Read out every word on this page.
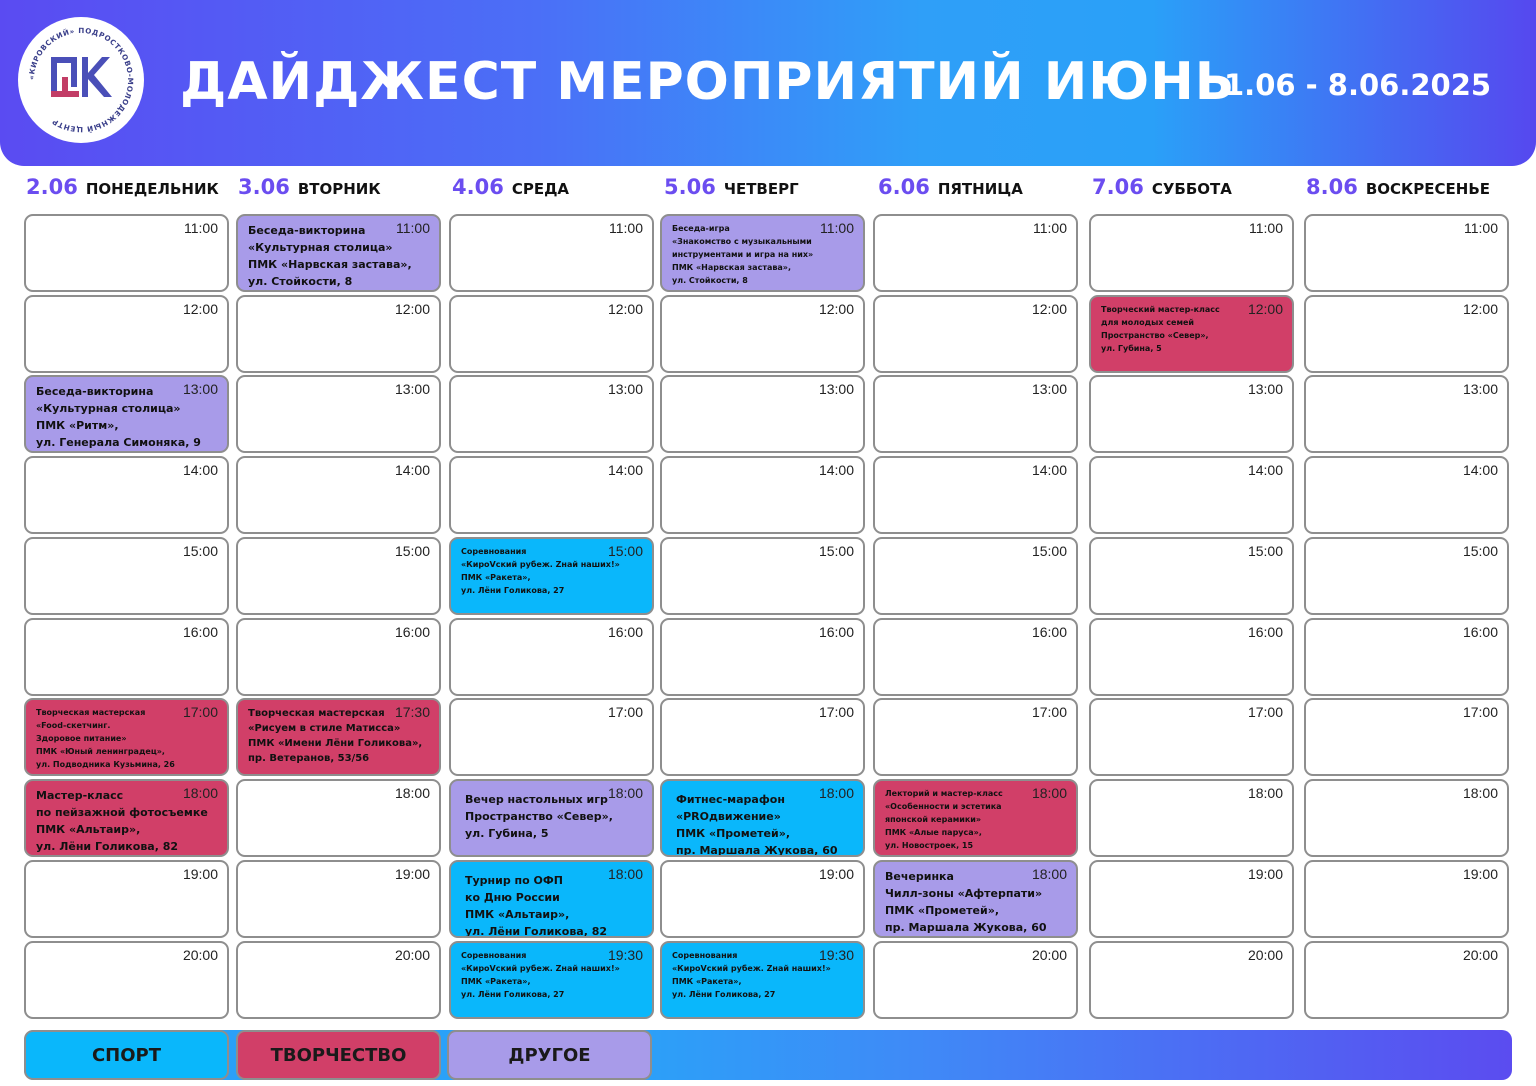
«КИРОВСКИЙ» ПОДРОСТКОВО-МОЛОДЕЖНЫЙ ЦЕНТР
ДАЙДЖЕСТ МЕРОПРИЯТИЙ ИЮНЬ
1.06 - 8.06.2025
2.06 ПОНЕДЕЛЬНИК
11:00
12:00
13:00
Беседа-викторина
«Культурная столица»
ПМК «Ритм»,
ул. Генерала Симоняка, 9
14:00
15:00
16:00
17:00
Творческая мастерская
«Food-скетчинг.
Здоровое питание»
ПМК «Юный ленинградец»,
ул. Подводника Кузьмина, 26
18:00
Мастер-класс
по пейзажной фотосъемке
ПМК «Альтаир»,
ул. Лёни Голикова, 82
19:00
20:00
3.06 ВТОРНИК
11:00
Беседа-викторина
«Культурная столица»
ПМК «Нарвская застава»,
ул. Стойкости, 8
12:00
13:00
14:00
15:00
16:00
17:30
Творческая мастерская
«Рисуем в стиле Матисса»
ПМК «Имени Лёни Голикова»,
пр. Ветеранов, 53/56
18:00
19:00
20:00
4.06 СРЕДА
11:00
12:00
13:00
14:00
15:00
Соревнования
«КироVский рубеж. Zнай наших!»
ПМК «Ракета»,
ул. Лёни Голикова, 27
16:00
17:00
18:00
Вечер настольных игр
Пространство «Север»,
ул. Губина, 5
18:00
Турнир по ОФП
ко Дню России
ПМК «Альтаир»,
ул. Лёни Голикова, 82
19:30
Соревнования
«КироVский рубеж. Zнай наших!»
ПМК «Ракета»,
ул. Лёни Голикова, 27
5.06 ЧЕТВЕРГ
11:00
Беседа-игра
«Знакомство с музыкальными
инструментами и игра на них»
ПМК «Нарвская застава»,
ул. Стойкости, 8
12:00
13:00
14:00
15:00
16:00
17:00
18:00
Фитнес-марафон
«PROдвижение»
ПМК «Прометей»,
пр. Маршала Жукова, 60
19:00
19:30
Соревнования
«КироVский рубеж. Zнай наших!»
ПМК «Ракета»,
ул. Лёни Голикова, 27
6.06 ПЯТНИЦА
11:00
12:00
13:00
14:00
15:00
16:00
17:00
18:00
Лекторий и мастер-класс
«Особенности и эстетика
японской керамики»
ПМК «Алые паруса»,
ул. Новостроек, 15
18:00
Вечеринка
Чилл-зоны «Афтерпати»
ПМК «Прометей»,
пр. Маршала Жукова, 60
20:00
7.06 СУББОТА
11:00
12:00
Творческий мастер-класс
для молодых семей
Пространство «Север»,
ул. Губина, 5
13:00
14:00
15:00
16:00
17:00
18:00
19:00
20:00
8.06 ВОСКРЕСЕНЬЕ
11:00
12:00
13:00
14:00
15:00
16:00
17:00
18:00
19:00
20:00
СПОРТ	ТВОРЧЕСТВО	ДРУГОЕ
